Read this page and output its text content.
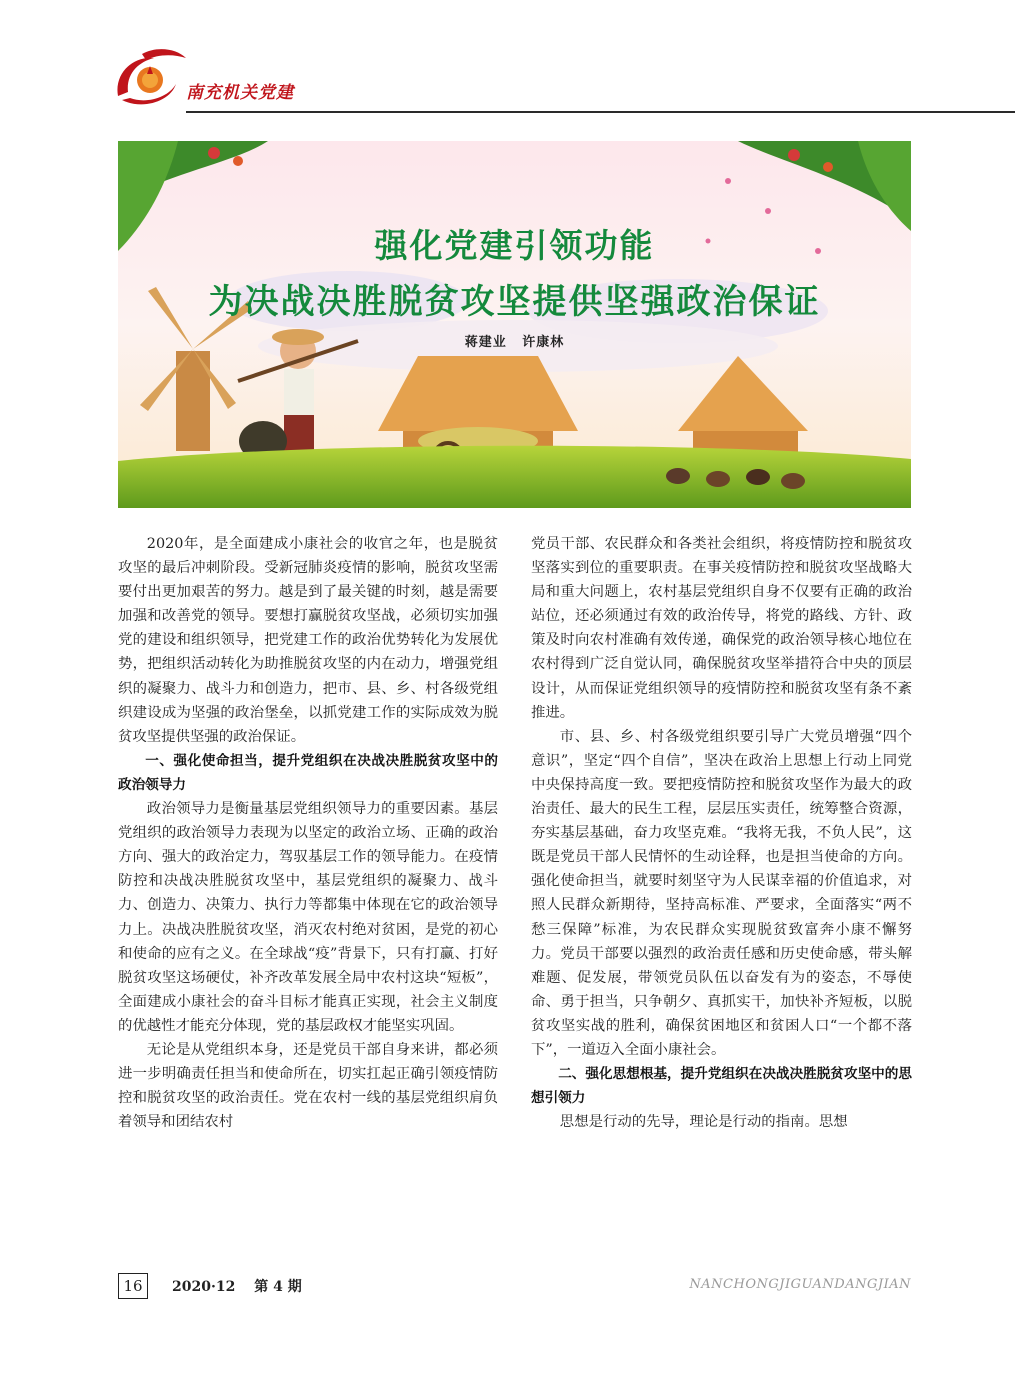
南充机关党建
强化党建引领功能
为决战决胜脱贫攻坚提供坚强政治保证

蒋建业 许康林

2020年，是全面建成小康社会的收官之年，也是脱贫攻坚的最后冲刺阶段。受新冠肺炎疫情的影响，脱贫攻坚需要付出更加艰苦的努力。越是到了最关键的时刻，越是需要加强和改善党的领导。要想打赢脱贫攻坚战，必须切实加强党的建设和组织领导，把党建工作的政治优势转化为发展优势，把组织活动转化为助推脱贫攻坚的内在动力，增强党组织的凝聚力、战斗力和创造力，把市、县、乡、村各级党组织建设成为坚强的政治堡垒，以抓党建工作的实际成效为脱贫攻坚提供坚强的政治保证。

一、强化使命担当，提升党组织在决战决胜脱贫攻坚中的政治领导力

政治领导力是衡量基层党组织领导力的重要因素。基层党组织的政治领导力表现为以坚定的政治立场、正确的政治方向、强大的政治定力，驾驭基层工作的领导能力。在疫情防控和决战决胜脱贫攻坚中，基层党组织的凝聚力、战斗力、创造力、决策力、执行力等都集中体现在它的政治领导力上。决战决胜脱贫攻坚，消灭农村绝对贫困，是党的初心和使命的应有之义。在全球战“疫”背景下，只有打赢、打好脱贫攻坚这场硬仗，补齐改革发展全局中农村这块“短板”，全面建成小康社会的奋斗目标才能真正实现，社会主义制度的优越性才能充分体现，党的基层政权才能坚实巩固。

无论是从党组织本身，还是党员干部自身来讲，都必须进一步明确责任担当和使命所在，切实扛起正确引领疫情防控和脱贫攻坚的政治责任。党在农村一线的基层党组织肩负着领导和团结农村

党员干部、农民群众和各类社会组织，将疫情防控和脱贫攻坚落实到位的重要职责。在事关疫情防控和脱贫攻坚战略大局和重大问题上，农村基层党组织自身不仅要有正确的政治站位，还必须通过有效的政治传导，将党的路线、方针、政策及时向农村准确有效传递，确保党的政治领导核心地位在农村得到广泛自觉认同，确保脱贫攻坚举措符合中央的顶层设计，从而保证党组织领导的疫情防控和脱贫攻坚有条不紊推进。

市、县、乡、村各级党组织要引导广大党员增强“四个意识”，坚定“四个自信”，坚决在政治上思想上行动上同党中央保持高度一致。要把疫情防控和脱贫攻坚作为最大的政治责任、最大的民生工程，层层压实责任，统筹整合资源，夯实基层基础，奋力攻坚克难。“我将无我，不负人民”，这既是党员干部人民情怀的生动诠释，也是担当使命的方向。强化使命担当，就要时刻坚守为人民谋幸福的价值追求，对照人民群众新期待，坚持高标准、严要求，全面落实“两不愁三保障”标准，为农民群众实现脱贫致富奔小康不懈努力。党员干部要以强烈的政治责任感和历史使命感，带头解难题、促发展，带领党员队伍以奋发有为的姿态，不辱使命、勇于担当，只争朝夕、真抓实干，加快补齐短板，以脱贫攻坚实战的胜利，确保贫困地区和贫困人口“一个都不落下”，一道迈入全面小康社会。

二、强化思想根基，提升党组织在决战决胜脱贫攻坚中的思想引领力

思想是行动的先导，理论是行动的指南。思想

16	2020·12 第 4 期	NANCHONGJIGUANDANGJIAN
